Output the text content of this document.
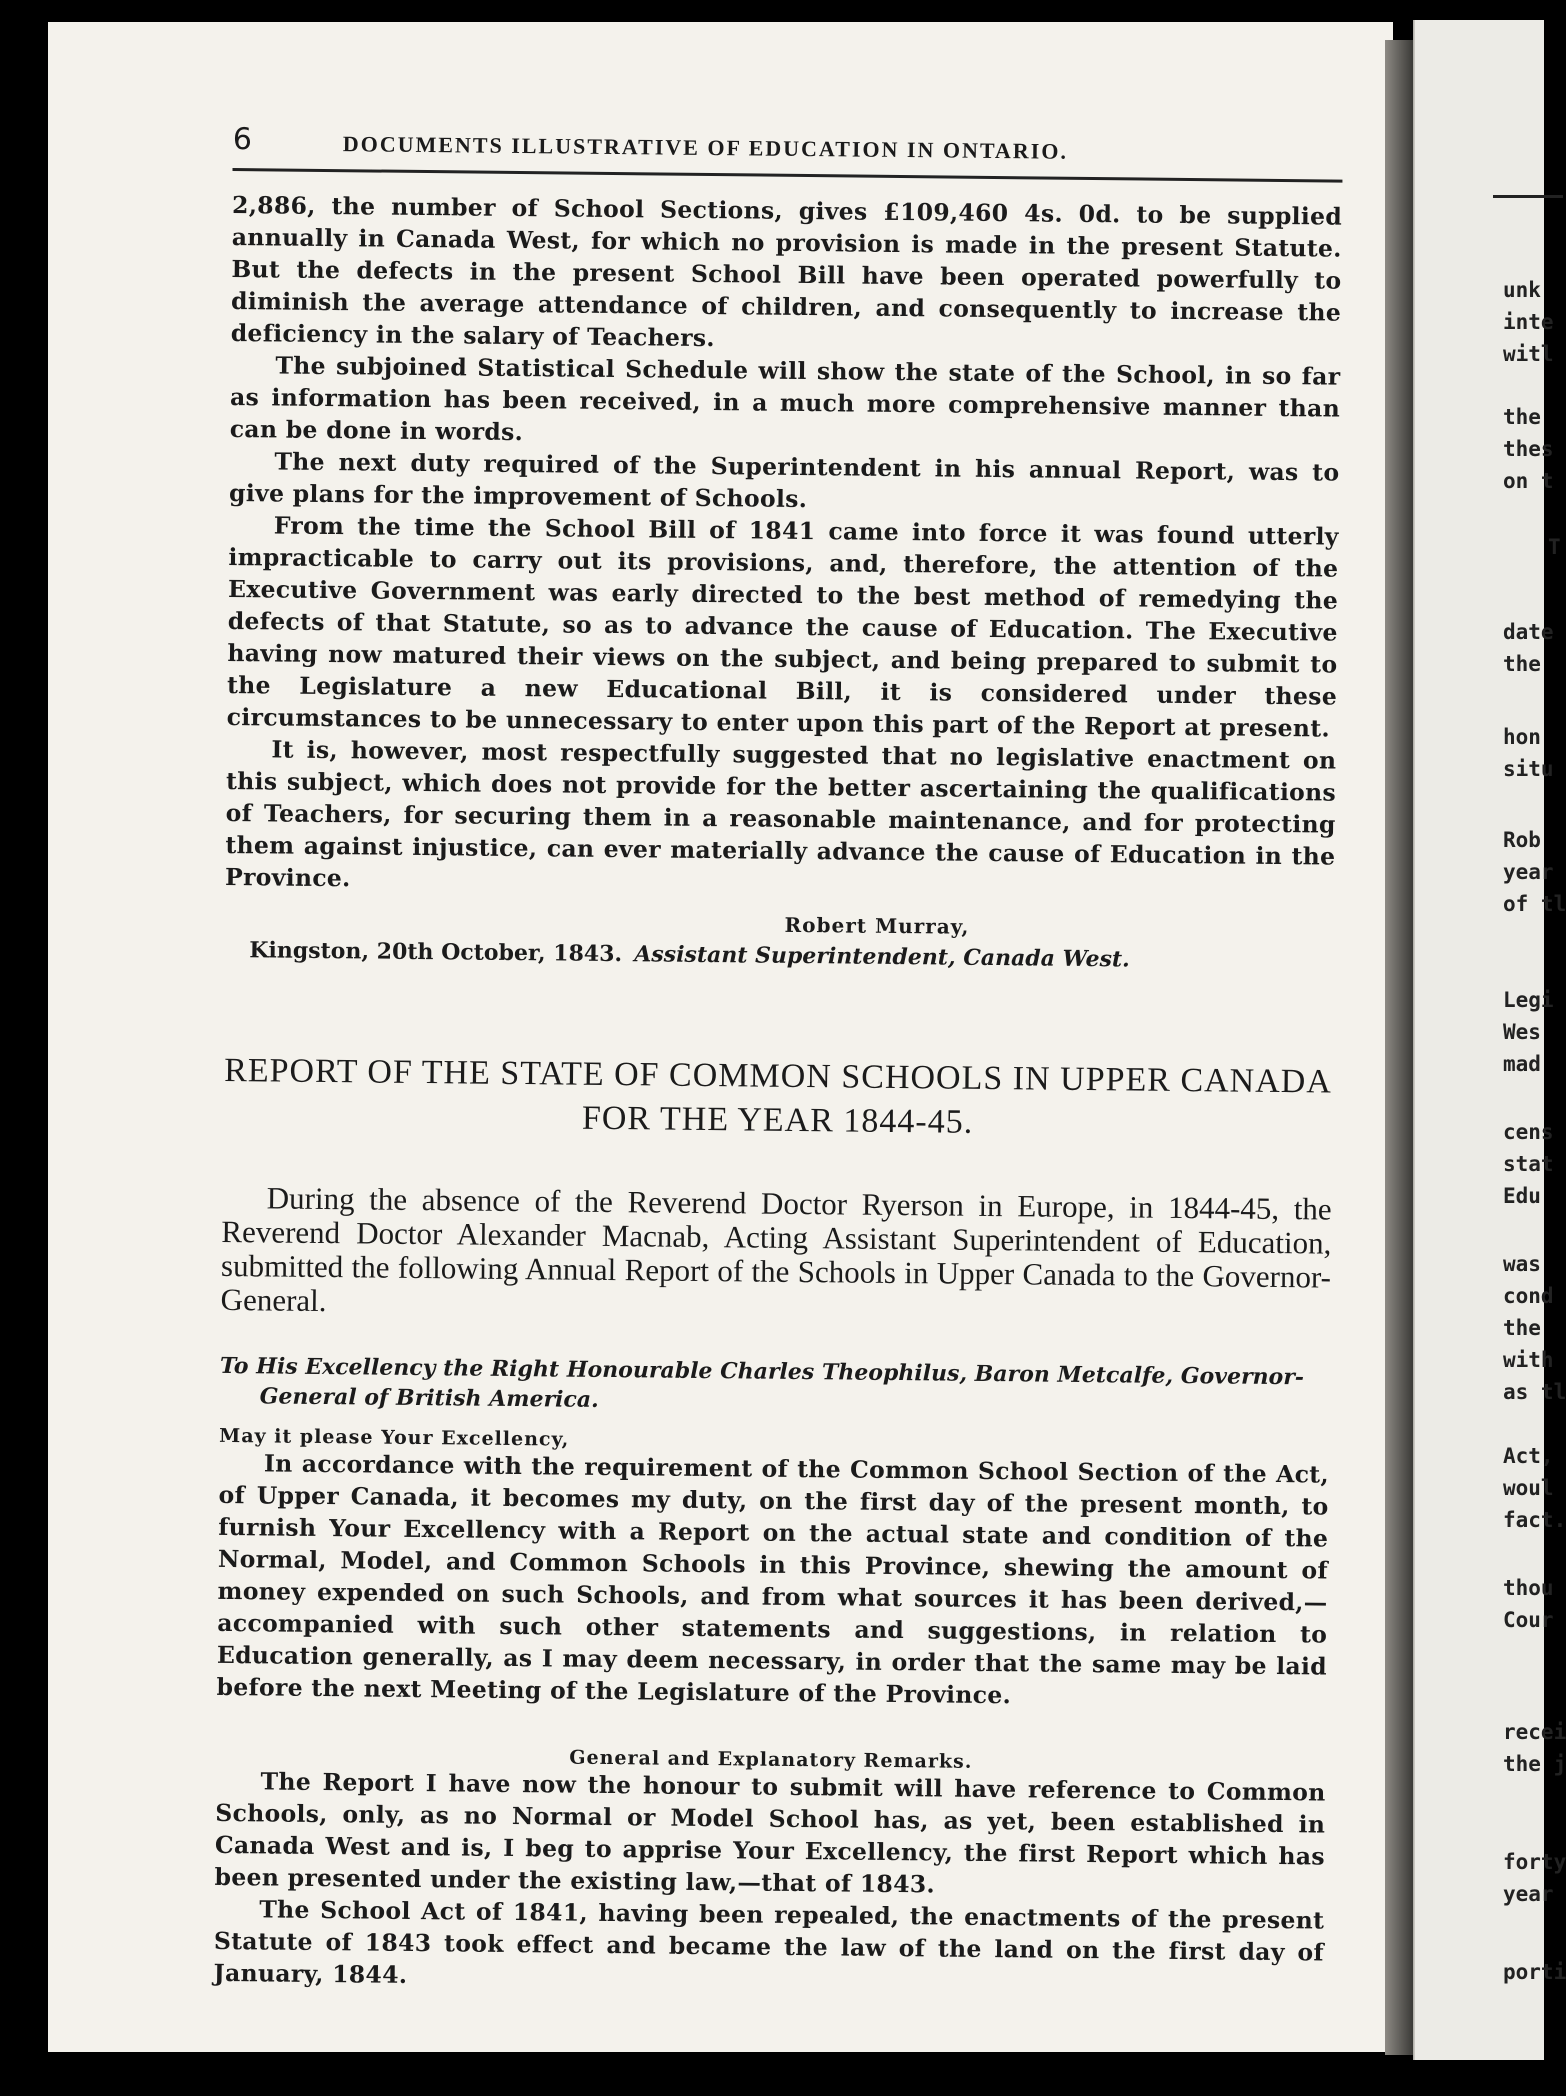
6	DOCUMENTS ILLUSTRATIVE OF EDUCATION IN ONTARIO.

2,886, the number of School Sections, gives £109,460 4s. 0d. to be supplied annually in Canada West, for which no provision is made in the present Statute. But the defects in the present School Bill have been operated powerfully to diminish the average attendance of children, and consequently to increase the deficiency in the salary of Teachers.

The subjoined Statistical Schedule will show the state of the School, in so far as information has been received, in a much more comprehensive manner than can be done in words.

The next duty required of the Superintendent in his annual Report, was to give plans for the improvement of Schools.

From the time the School Bill of 1841 came into force it was found utterly impracticable to carry out its provisions, and, therefore, the attention of the Executive Government was early directed to the best method of remedying the defects of that Statute, so as to advance the cause of Education. The Executive having now matured their views on the subject, and being prepared to submit to the Legislature a new Educational Bill, it is considered under these circumstances to be unnecessary to enter upon this part of the Report at present.

It is, however, most respectfully suggested that no legislative enactment on this subject, which does not provide for the better ascertaining the qualifications of Teachers, for securing them in a reasonable maintenance, and for protecting them against injustice, can ever materially advance the cause of Education in the Province.

Kingston, 20th October, 1843.
Robert Murray,
Assistant Superintendent, Canada West.
REPORT OF THE STATE OF COMMON SCHOOLS IN UPPER CANADA
FOR THE YEAR 1844-45.

During the absence of the Reverend Doctor Ryerson in Europe, in 1844-45, the Reverend Doctor Alexander Macnab, Acting Assistant Superintendent of Education, submitted the following Annual Report of the Schools in Upper Canada to the Governor-General.

To His Excellency the Right Honourable Charles Theophilus, Baron Metcalfe, Governor-General of British America.
May it please Your Excellency,

In accordance with the requirement of the Common School Section of the Act, of Upper Canada, it becomes my duty, on the first day of the present month, to furnish Your Excellency with a Report on the actual state and condition of the Normal, Model, and Common Schools in this Province, shewing the amount of money expended on such Schools, and from what sources it has been derived,—accompanied with such other statements and suggestions, in relation to Education generally, as I may deem necessary, in order that the same may be laid before the next Meeting of the Legislature of the Province.

General and Explanatory Remarks.

The Report I have now the honour to submit will have reference to Common Schools, only, as no Normal or Model School has, as yet, been established in Canada West and is, I beg to apprise Your Excellency, the first Report which has been presented under the existing law,—that of 1843.

The School Act of 1841, having been repealed, the enactments of the present Statute of 1843 took effect and became the law of the land on the first day of January, 1844.

unk
inte
witl
the
thes
on t
T
date
the
hon
situ
Rob
year
of tl
Legi
Wes
mad
cens
stat
Edu
was
cond
the
with
as tl
Act,
woul
fact.
thou
Cour
recei
the j
forty
year
porti
